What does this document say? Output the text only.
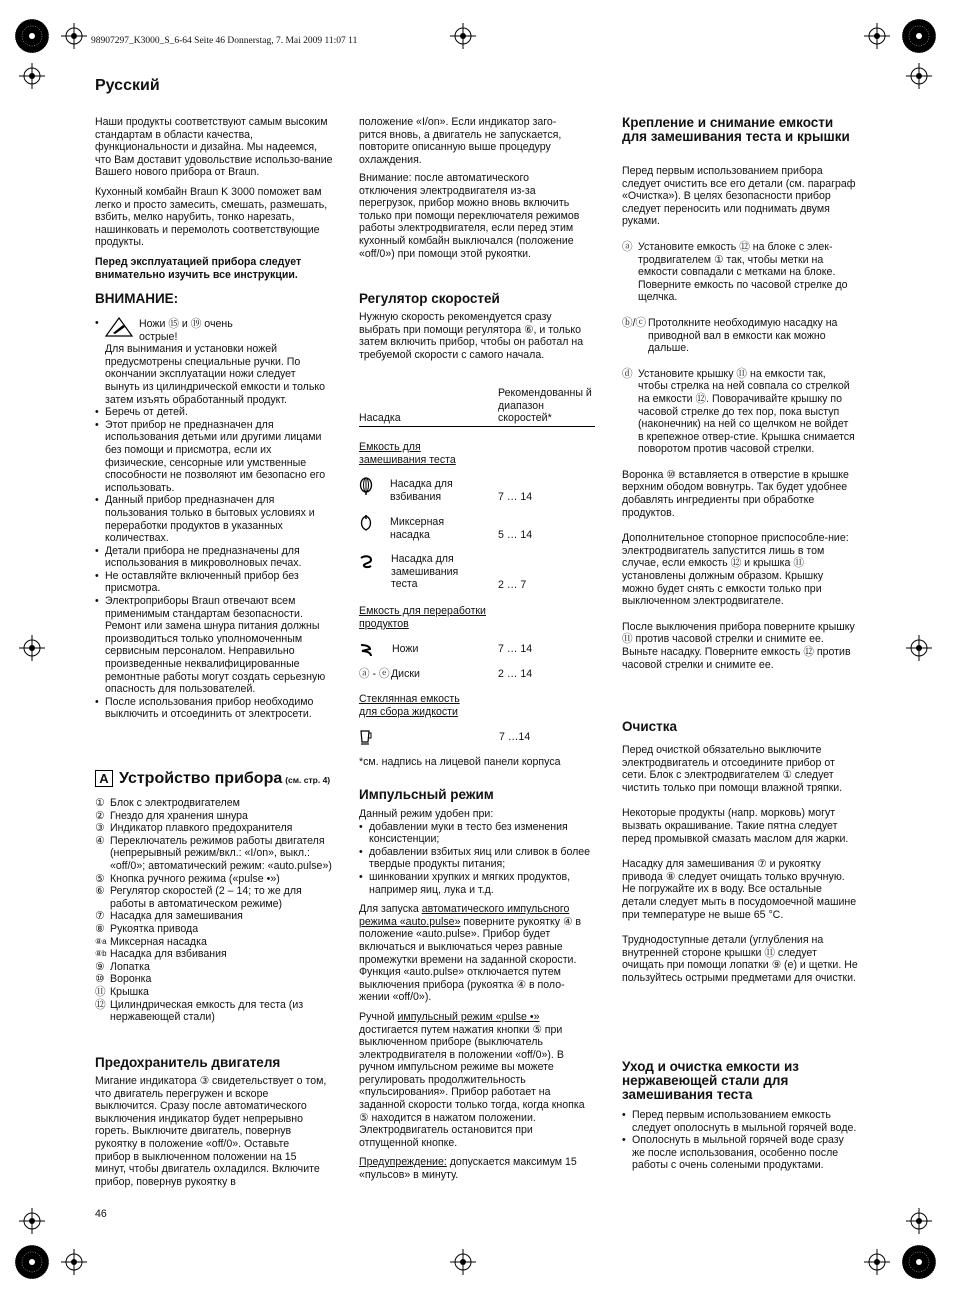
98907297_K3000_S_6-64 Seite 46 Donnerstag, 7. Mai 2009 11:07 11
Русский

Наши продукты соответствуют самым высоким стандартам в области качества, функциональности и дизайна. Мы надеемся, что Вам доставит удовольствие использо-вание Вашего нового прибора от Braun.

Кухонный комбайн Braun K 3000 поможет вам легко и просто замесить, смешать, размешать, взбить, мелко нарубить, тонко нарезать, нашинковать и перемолоть соответствующие продукты.

Перед эксплуатацией прибора следует внимательно изучить все инструкции.

ВНИМАНИЕ:
•	Ножи ⑮ и ⑲ очень острые!

Для вынимания и установки ножей предусмотрены специальные ручки. По окончании эксплуатации ножи следует вынуть из цилиндрической емкости и только затем изъять обработанный продукт.

• Беречь от детей.
• Этот прибор не предназначен для использования детьми или другими лицами без помощи и присмотра, если их физические, сенсорные или умственные способности не позволяют им безопасно его использовать.
• Данный прибор предназначен для пользования только в бытовых условиях и переработки продуктов в указанных количествах.
• Детали прибора не предназначены для использования в микроволновых печах.
• Не оставляйте включенный прибор без присмотра.
• Электроприборы Braun отвечают всем применимым стандартам безопасности. Ремонт или замена шнура питания должны производиться только уполномоченным сервисным персоналом. Неправильно произведенные неквалифицированные ремонтные работы могут создать серьезную опасность для пользователей.
• После использования прибор необходимо выключить и отсоединить от электросети.
A Устройство прибора (см. стр. 4)
① Блок с электродвигателем
② Гнездо для хранения шнура
③ Индикатор плавкого предохранителя
④ Переключатель режимов работы двигателя (непрерывный режим/вкл.: «I/on», выкл.: «off/0»; автоматический режим: «auto.pulse»)
⑤ Кнопка ручного режима («pulse •»)
⑥ Регулятор скоростей (2 – 14; то же для работы в автоматическом режиме)
⑦ Насадка для замешивания
⑧ Рукоятка привода
⑧a Миксерная насадка
⑧b Насадка для взбивания
⑨ Лопатка
⑩ Воронка
⑪ Крышка
⑫ Цилиндрическая емкость для теста (из нержавеющей стали)
Предохранитель двигателя

Мигание индикатора ③ свидетельствует о том, что двигатель перегружен и вскоре выключится. Сразу после автоматического выключения индикатор будет непрерывно гореть. Выключите двигатель, повернув рукоятку в положение «off/0». Оставьте прибор в выключенном положении на 15 минут, чтобы двигатель охладился. Включите прибор, повернув рукоятку в

46

положение «I/on». Если индикатор заго-рится вновь, а двигатель не запускается, повторите описанную выше процедуру охлаждения.

Внимание: после автоматического отключения электродвигателя из-за перегрузок, прибор можно вновь включить только при помощи переключателя режимов работы электродвигателя, если перед этим кухонный комбайн выключался (положение «off/0») при помощи этой рукоятки.

Регулятор скоростей

Нужную скорость рекомендуется сразу выбрать при помощи регулятора ⑥, и только затем включить прибор, чтобы он работал на требуемой скорости с самого начала.

Насадка
Рекомендованны й диапазон скоростей*
Емкость для замешивания теста
Насадка для взбивания	7 … 14
Миксерная насадка	5 … 14
Насадка для замешивания теста	2 … 7
Емкость для переработки продуктов
Ножи	7 … 14
ⓐ - ⓔ Диски	2 … 14
Стеклянная емкость для сбора жидкости
7 …14

*см. надпись на лицевой панели корпуса

Импульсный режим

Данный режим удобен при:

• добавлении муки в тесто без изменения консистенции;
• добавлении взбитых яиц или сливок в более твердые продукты питания;
• шинковании хрупких и мягких продуктов, например яиц, лука и т.д.

Для запуска автоматического импульсного режима «auto.pulse» поверните рукоятку ④ в положение «auto.pulse». Прибор будет включаться и выключаться через равные промежутки времени на заданной скорости. Функция «auto.pulse» отключается путем выключения прибора (рукоятка ④ в поло-жении «off/0»).

Ручной импульсный режим «pulse •» достигается путем нажатия кнопки ⑤ при выключенном приборе (выключатель электродвигателя в положении «off/0»). В ручном импульсном режиме вы можете регулировать продолжительность «пульсирования». Прибор работает на заданной скорости только тогда, когда кнопка ⑤ находится в нажатом положении. Электродвигатель остановится при отпущенной кнопке.

Предупреждение: допускается максимум 15 «пульсов» в минуту.

Крепление и снимание емкости для замешивания теста и крышки

Перед первым использованием прибора следует очистить все его детали (см. параграф «Очистка»). В целях безопасности прибор следует переносить или поднимать двумя руками.

ⓐ Установите емкость ⑫ на блоке с элек-тродвигателем ① так, чтобы метки на емкости совпадали с метками на блоке. Поверните емкость по часовой стрелке до щелчка.
ⓑ/ⓒ Протолкните необходимую насадку на приводной вал в емкости как можно дальше.
ⓓ Установите крышку ⑪ на емкости так, чтобы стрелка на ней совпала со стрелкой на емкости ⑫. Поворачивайте крышку по часовой стрелке до тех пор, пока выступ (наконечник) на ней со щелчком не войдет в крепежное отвер-стие. Крышка снимается поворотом против часовой стрелки.

Воронка ⑩ вставляется в отверстие в крышке верхним ободом вовнутрь. Так будет удобнее добавлять ингредиенты при обработке продуктов.

Дополнительное стопорное приспособле-ние: электродвигатель запустится лишь в том случае, если емкость ⑫ и крышка ⑪ установлены должным образом. Крышку можно будет снять с емкости только при выключенном электродвигателе.

После выключения прибора поверните крышку ⑪ против часовой стрелки и снимите ее. Выньте насадку. Поверните емкость ⑫ против часовой стрелки и снимите ее.

Очистка

Перед очисткой обязательно выключите электродвигатель и отсоедините прибор от сети. Блок с электродвигателем ① следует чистить только при помощи влажной тряпки.

Некоторые продукты (напр. морковь) могут вызвать окрашивание. Такие пятна следует перед промывкой смазать маслом для жарки.

Насадку для замешивания ⑦ и рукоятку привода ⑧ следует очищать только вручную. Не погружайте их в воду. Все остальные детали следует мыть в посудомоечной машине при температуре не выше 65 °C.

Труднодоступные детали (углубления на внутренней стороне крышки ⑪ следует очищать при помощи лопатки ⑨ (e) и щетки. Не пользуйтесь острыми предметами для очистки.

Уход и очистка емкости из нержавеющей стали для замешивания теста
• Перед первым использованием емкость следует ополоснуть в мыльной горячей воде.
• Ополоснуть в мыльной горячей воде сразу же после использования, особенно после работы с очень солеными продуктами.
